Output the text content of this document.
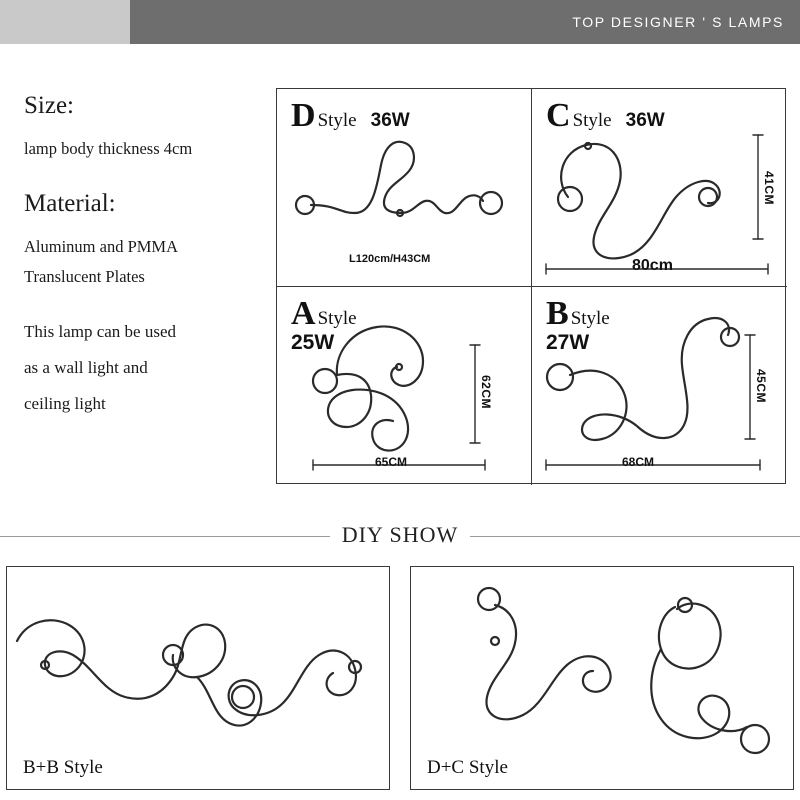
TOP DESIGNER ' S LAMPS

Size:

lamp body thickness 4cm

Material:

Aluminum and PMMA

Translucent Plates

This lamp can be used

as a wall light and

ceiling light

D Style 36W
L120cm/H43CM
C Style 36W
41CM
80cm
A Style
25W
62CM
65CM
B Style
27W
45CM
68CM
DIY SHOW
B+B Style	D+C Style
